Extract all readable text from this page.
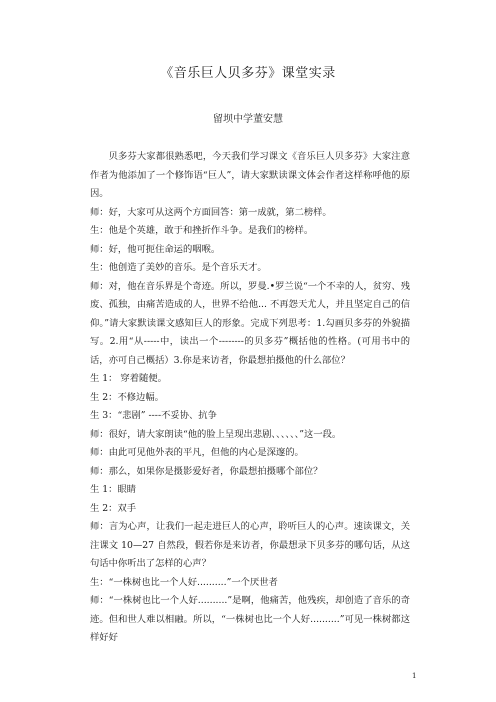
《音乐巨人贝多芬》课堂实录
留坝中学董安慧

贝多芬大家都很熟悉吧，今天我们学习课文《音乐巨人贝多芬》大家注意作者为他添加了一个修饰语“巨人”，请大家默读课文体会作者这样称呼他的原因。

师：好，大家可从这两个方面回答：第一成就，第二榜样。

生：他是个英雄，敢于和挫折作斗争。是我们的榜样。

师：好，他可扼住命运的咽喉。

生：他创造了美妙的音乐。是个音乐天才。

师：对，他在音乐界是个奇迹。所以，罗曼.•罗兰说“一个不幸的人，贫穷、残废、孤独，由痛苦造成的人，世界不给他... 不再怨天尤人，并且坚定自己的信仰。”请大家默读课文感知巨人的形象。完成下列思考：1.勾画贝多芬的外貌描写。2.用“从-----中，读出一个--------的贝多芬”概括他的性格。(可用书中的话，亦可自己概括）3.你是来访者，你最想拍摄他的什么部位？

生 1： 穿着随便。

生 2：不修边幅。

生 3：“悲剧” ----不妥协、抗争

师：很好，请大家朗读“他的脸上呈现出悲剧、、、、、、”这一段。

师：由此可见他外表的平凡，但他的内心是深邃的。

师：那么，如果你是摄影爱好者，你最想拍摄哪个部位？

生 1：眼睛

生 2：双手

师：言为心声，让我们一起走进巨人的心声，聆听巨人的心声。速读课文，关注课文 10—27 自然段，假若你是来访者，你最想录下贝多芬的哪句话，从这句话中你听出了怎样的心声？

生：“一株树也比一个人好..........”一个厌世者

师：“一株树也比一个人好..........”是啊，他痛苦，他残疾，却创造了音乐的奇迹。但和世人难以相融。所以，“一株树也比一个人好..........”可见一株树都这样好好

1
